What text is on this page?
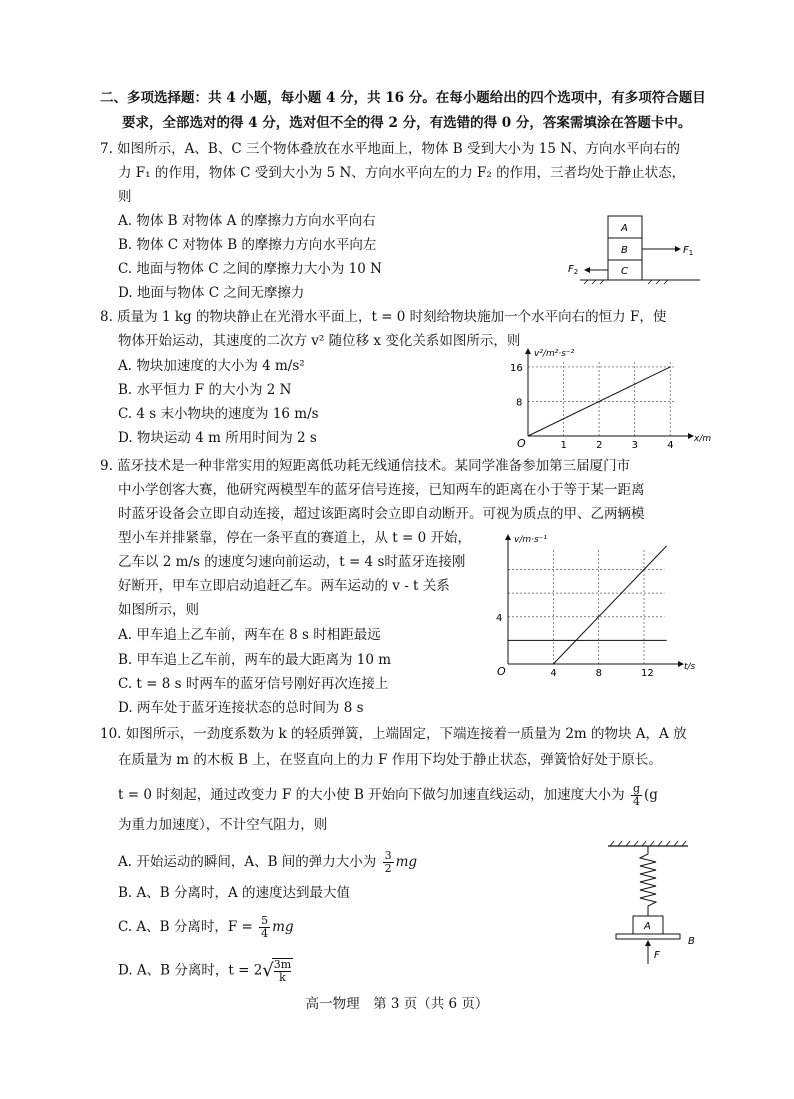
二、多项选择题：共 4 小题，每小题 4 分，共 16 分。在每小题给出的四个选项中，有多项符合题目
要求，全部选对的得 4 分，选对但不全的得 2 分，有选错的得 0 分，答案需填涂在答题卡中。
7. 如图所示，A、B、C 三个物体叠放在水平地面上，物体 B 受到大小为 15 N、方向水平向右的
力 F₁ 的作用，物体 C 受到大小为 5 N、方向水平向左的力 F₂ 的作用，三者均处于静止状态，
则
A. 物体 B 对物体 A 的摩擦力方向水平向右
B. 物体 C 对物体 B 的摩擦力方向水平向左
C. 地面与物体 C 之间的摩擦力大小为 10 N
D. 地面与物体 C 之间无摩擦力
A
B
C
$F_1$
$F_2$
8. 质量为 1 kg 的物块静止在光滑水平面上，t = 0 时刻给物块施加一个水平向右的恒力 F，使
物体开始运动，其速度的二次方 v² 随位移 x 变化关系如图所示，则
A. 物块加速度的大小为 4 m/s²
B. 水平恒力 F 的大小为 2 N
C. 4 s 末小物块的速度为 16 m/s
D. 物块运动 4 m 所用时间为 2 s	1	2	3	4
8
16
O	x/m
v²/m²·s⁻²
9. 蓝牙技术是一种非常实用的短距离低功耗无线通信技术。某同学准备参加第三届厦门市
中小学创客大赛，他研究两模型车的蓝牙信号连接，已知两车的距离在小于等于某一距离
时蓝牙设备会立即自动连接，超过该距离时会立即自动断开。可视为质点的甲、乙两辆模
型小车并排紧靠，停在一条平直的赛道上，从 t = 0 开始，
乙车以 2 m/s 的速度匀速向前运动，t = 4 s时蓝牙连接刚
好断开，甲车立即启动追赶乙车。两车运动的 v - t 关系
如图所示，则
A. 甲车追上乙车前，两车在 8 s 时相距最远
B. 甲车追上乙车前，两车的最大距离为 10 m
C. t = 8 s 时两车的蓝牙信号刚好再次连接上
D. 两车处于蓝牙连接状态的总时间为 8 s
4	8	12
4
O	t/s
v/m·s⁻¹
10. 如图所示，一劲度系数为 k 的轻质弹簧，上端固定，下端连接着一质量为 2m 的物块 A，A 放
在质量为 m 的木板 B 上，在竖直向上的力 F 作用下均处于静止状态，弹簧恰好处于原长。
t = 0 时刻起，通过改变力 F 的大小使 B 开始向下做匀加速直线运动，加速度大小为 $\frac{g}{4} (g$
为重力加速度），不计空气阻力，则
A. 开始运动的瞬间，A、B 间的弹力大小为 $\frac{3}{2}$ mg
B. A、B 分离时，A 的速度达到最大值
C. A、B 分离时，$F = \frac{5}{4}$ mg
D. A、B 分离时，t = 2√
$\frac{3m}{k}$
A
B
F
高一物理　第 3 页（共 6 页）
